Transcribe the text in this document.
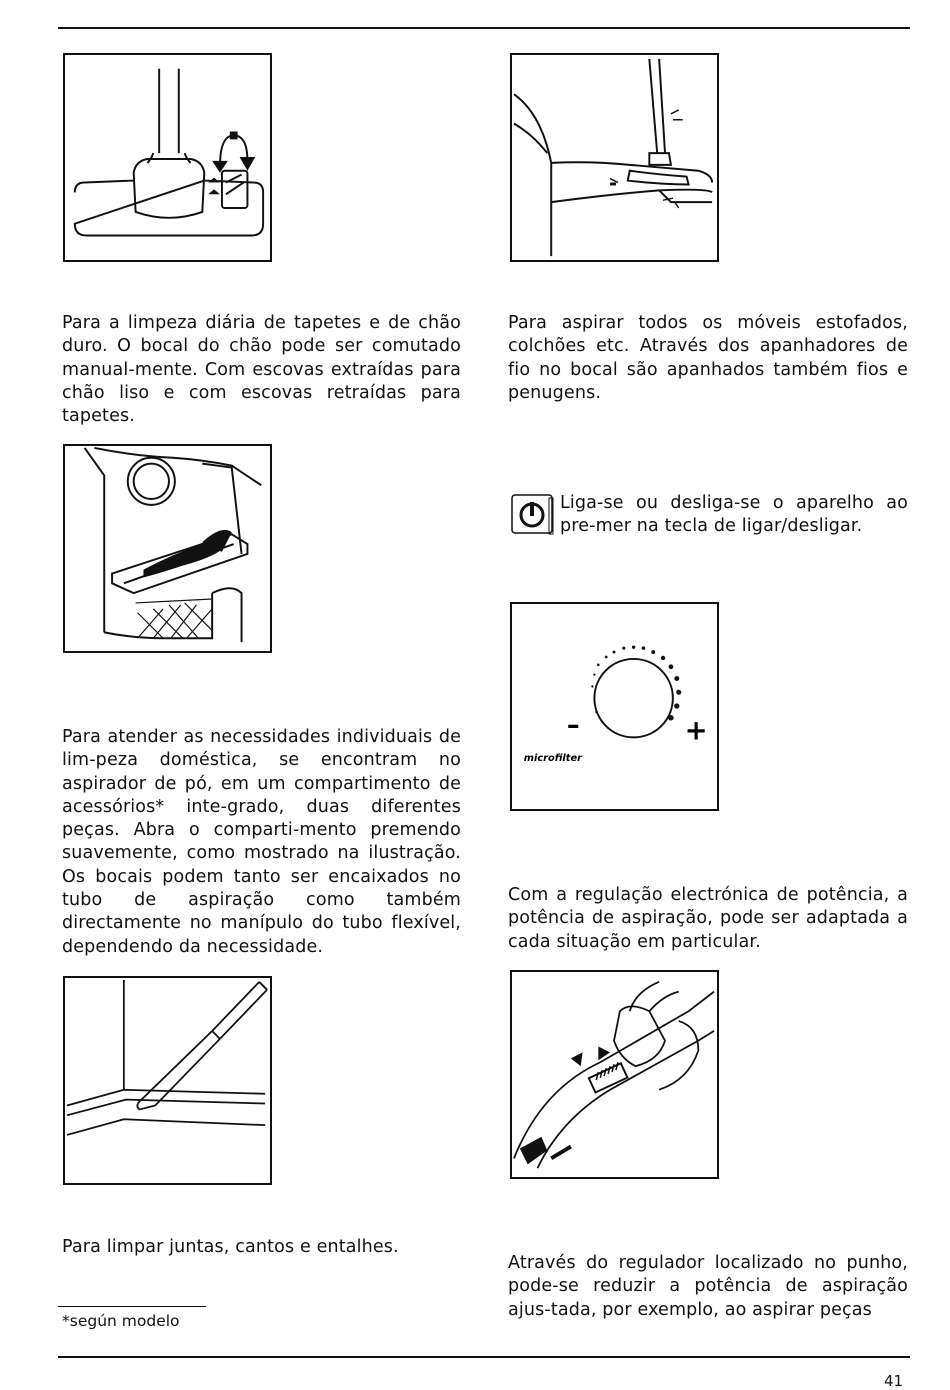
Para a limpeza diária de tapetes e de chão duro. O bocal do chão pode ser comutado manual-mente. Com escovas extraídas para chão liso e com escovas retraídas para tapetes.
Para aspirar todos os móveis estofados, colchões etc. Através dos apanhadores de fio no bocal são apanhados também fios e penugens.
Liga-se ou desliga-se o aparelho ao pre-mer na tecla de ligar/desligar.
–	+
microfilter
Para atender as necessidades individuais de lim-peza doméstica, se encontram no aspirador de pó, em um compartimento de acessórios* inte-grado, duas diferentes peças. Abra o comparti-mento premendo suavemente, como mostrado na ilustração. Os bocais podem tanto ser encaixados no tubo de aspiração como também directamente no manípulo do tubo flexível, dependendo da necessidade.
Com a regulação electrónica de potência, a potência de aspiração, pode ser adaptada a cada situação em particular.
Para limpar juntas, cantos e entalhes.
Através do regulador localizado no punho, pode-se reduzir a potência de aspiração ajus-tada, por exemplo, ao aspirar peças
*según modelo
41
